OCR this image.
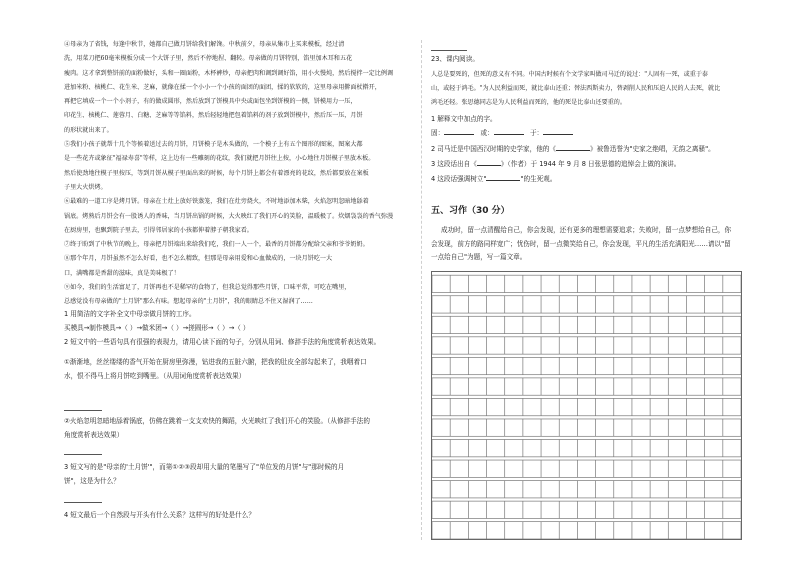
④母亲为了省钱，每逢中秋节，她都自己做月饼给我们解馋。中秋前夕，母亲从集市上买来模板，经过清
洗，用菜刀把60毫米模板分成一个大饼子里，然后不停地捏、翻转。母亲做的月饼特别，馅里加木耳和五花
瘦肉。这才拿到整饼前的面粉做好，头和一圈面粉，木杯裤炒，母亲把肉和调到调好馅，用小火慢炖，然后搅拌一定比例调
进加米粉、核桃仁、花生米、芝麻，就像在揉一个小小一个小孩的面团的面团，揉的软软的，这里母亲用擀面杖擀开，
再把它填成一个一个小剂子，有的做成圆形，然后放到了饼模具中央或面包坐到饼模的一侧，饼模用力一压，
印花生、核桃仁、莲蓉月、白糖、芝麻等等馅料，然后轻轻地把包着馅料的剂子放到饼模中，然后压一压，月饼
的形状就出来了。
⑤我们小孩子就帮十几个等候着送过去的月饼，月饼模子是木头做的，一个模子上有五个图形的图案，图案大都
是一些花卉或象征"福禄寿喜"等样，这上边有一些雕刻的花纹，我们就把月饼往上按，小心地往月饼模子里放木板。
然后使劲地往模子里按压，等到月饼从模子里面出来的时候，每个月饼上都会有着漂亮的花纹，然后都要放在案板
子里大火烘烤。
⑥最难的一道工序是烤月饼。母亲在土灶上放好铁蒸笼，我们在灶旁烧火，不时地添加木柴，火焰忽明忽暗地舔着
锅底。烤熟后月饼会有一股诱人的香味，当月饼出锅的时候，大火映红了我们开心的笑脸，温暖极了。炊烟袅袅的香气弥漫
在厨房里，也飘到院子里去，引得邻居家的小孩都伸着脖子朝我家看。
⑦终于盼到了中秋节的晚上，母亲把月饼端出来给我们吃，我们一人一个，最香的月饼都分配给父亲和爷爷奶奶。
⑧那个年月，月饼虽然不怎么好看，也不怎么精致，但那是母亲用爱和心血做成的，一块月饼吃一大
口，满嘴都是香甜的滋味，真是美味极了！
⑨如今，我们的生活富足了，月饼再也不是稀罕的食物了，但我总觉得那些月饼，口味平常，可吃在嘴里，
总感觉没有母亲做的"土月饼"那么有味。想起母亲的"土月饼"，我的眼睛总不住又湿润了……
1 用简洁的文字补全文中母亲做月饼的工序。
买模具→制作模具→（ ）→做米团→（ ）→搓圆形→（ ）→（ ）
2 短文中的一些语句具有很强的表现力，请用心读下面的句子，分别从用词、修辞手法的角度赏析表达效果。
①渐渐地，丝丝缕缕的香气开始在厨房里弥漫，钻进我的五脏六腑，把我的肚皮全部勾起来了，我咽着口
水，恨不得马上将月饼吃到嘴里。（从用词角度赏析表达效果）
②火焰忽明忽暗地舔着锅底，仿佛在跳着一支支欢快的舞蹈，火光映红了我们开心的笑脸。（从修辞手法的
角度赏析表达效果）
3 短文写的是"母亲的'土月饼'"，而第①②③段却用大量的笔墨写了"单位发的月饼"与"那时候的月
饼"，这是为什么？
4 短文最后一个自然段与开头有什么关系？这样写的好处是什么？
23、课内阅读。
人总是要死的，但死的意义有不同。中国古时候有个文学家叫做司马迁的说过："人固有一死，或重于泰
山，或轻于鸿毛。"为人民利益而死，就比泰山还重；替法西斯卖力，替剥削人民和压迫人民的人去死，就比
鸿毛还轻。张思德同志是为人民利益而死的，他的死是比泰山还要重的。
1 解释文中加点的字。
固：	或：	于：
2 司马迁是中国西汉时期的史学家，他的《	》被鲁迅誉为"史家之绝唱，无韵之离骚"。
3 这段话出自《	》（作者）于 1944 年 9 月 8 日张思德的追悼会上做的演讲。
4 这段话强调树立"	"的生死观。
五、习作（30 分）
成功时，留一点清醒给自己，你会发现，还有更多的理想需要追求；失败时，留一点梦想给自己，你
会发现，前方的路同样宽广；忧伤时，留一点微笑给自己，你会发现，平凡的生活充满阳光……请以"留
一点给自己"为题，写一篇文章。
